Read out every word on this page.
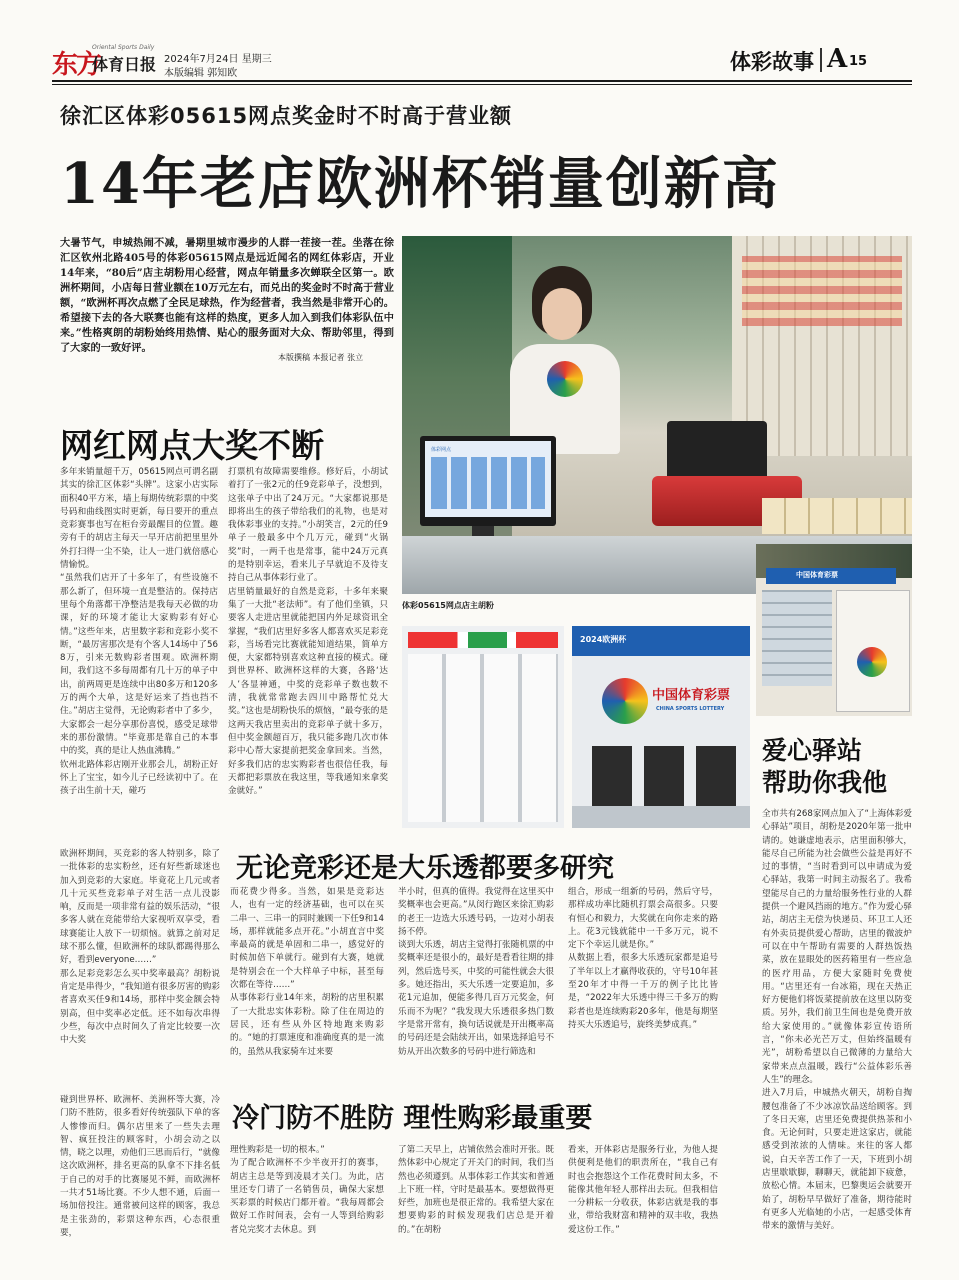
东方
Oriental Sports Daily
体育日报 2024年7月24日 星期三
本版编辑 郭知欧	体彩故事 A 15
徐汇区体彩05615网点奖金时不时高于营业额
14年老店欧洲杯销量创新高
大暑节气，申城热闹不减，暑期里城市漫步的人群一茬接一茬。坐落在徐汇区钦州北路405号的体彩05615网点是远近闻名的网红体彩店，开业14年来，“80后”店主胡粉用心经营，网点年销量多次蝉联全区第一。欧洲杯期间，小店每日营业额在10万元左右，而兑出的奖金时不时高于营业额，“欧洲杯再次点燃了全民足球热，作为经营者，我当然是非常开心的。希望接下去的各大联赛也能有这样的热度，更多人加入到我们体彩队伍中来。”性格爽朗的胡粉始终用热情、贴心的服务面对大众、帮助邻里，得到了大家的一致好评。
本版撰稿 本报记者 张立
体彩网点
体彩05615网点店主胡粉
中国体育彩票
2024欧洲杯
中国体育彩票
CHINA SPORTS LOTTERY
网红网点大奖不断
多年来销量超千万，05615网点可谓名副其实的徐汇区体彩“头牌”。这家小店实际面积40平方米，墙上每期传统彩票的中奖号码和曲线图实时更新，每日要开的重点竞彩赛事也写在柜台旁最醒目的位置。趣旁有千的胡店主每天一早开店前把里里外外打扫得一尘不染，让人一进门就倍感心情愉悦。
“虽然我们店开了十多年了，有些设施不那么新了，但环境一直是整洁的。保持店里每个角落都干净整洁是我每天必做的功课，好的环境才能让大家购彩有好心情。”这些年来，店里数字彩和竞彩小奖不断，“最厉害那次是有个客人14场中了568万，引来无数购彩者围观。欧洲杯期间，我们这不多每周都有几十万的单子中出，前两周更是连续中出80多万和120多万的两个大单，这是好运来了挡也挡不住。”胡店主觉得，无论购彩者中了多少，大家都会一起分享那份喜悦，感受足球带来的那份激情。“毕竟那是靠自己的本事中的奖，真的是让人热血沸腾。”
钦州北路体彩店刚开业那会儿，胡粉正好怀上了宝宝，如今儿子已经读初中了。在孩子出生前十天，碰巧
打票机有故障需要维修。修好后，小胡试着打了一张2元的任9竞彩单子，没想到，这张单子中出了24万元。“大家都说那是即将出生的孩子带给我们的礼物，也是对我体彩事业的支持。”小胡笑言，2元的任9单子一般最多中个几万元，碰到“火锅奖”时，一两千也是常事，能中24万元真的是特别幸运，看来儿子早就迫不及待支持自己从事体彩行业了。
店里销量最好的自然是竞彩，十多年来聚集了一大批“老法师”。有了他们坐镇，只要客人走进店里就能把国内外足球资讯全掌握，“我们店里好多客人都喜欢买足彩竞彩，当场看完比赛就能知道结果，简单方便，大家都特别喜欢这种直接的模式。碰到世界杯、欧洲杯这样的大赛，各路‘达人’各显神通，中奖的竞彩单子数也数不清，我就常常跑去四川中路帮忙兑大奖。”这也是胡粉快乐的烦恼，“最夸张的是这两天我店里卖出的竞彩单子就十多万，但中奖金额超百万，我只能多跑几次市体彩中心帮大家提前把奖金拿回来。当然，好多我们店的忠实购彩者也很信任我，每天都把彩票放在我这里，等我通知来拿奖金就好。”
无论竞彩还是大乐透都要多研究
欧洲杯期间，买竞彩的客人特别多，除了一批体彩的忠实粉丝，还有好些新球迷也加入到竞彩的大家庭。毕竟花上几元或者几十元买些竞彩单子对生活一点儿没影响，反而是一项非常有益的娱乐活动，“很多客人就在竞能带给大家视听双享受，看球赛能让人放下一切烦恼。就算之前对足球不那么懂，但欧洲杯的球队都踢得那么好，看到everyone……”
那么足彩竞彩怎么买中奖率最高？胡粉说肯定是串得少，“我知道有很多厉害的购彩者喜欢买任9和14场，那样中奖金额会特别高，但中奖率必定低。还不如每次串得少些，每次中点时间久了肯定比较要一次中大奖
碰到世界杯、欧洲杯、美洲杯等大赛，冷门防不胜防，很多看好传统强队下单的客人惨惨而归。偶尔店里来了一些失去理智、疯狂投注的顾客时，小胡会动之以情，晓之以理，劝他们三思而后行，“就像这次欧洲杯，排名更高的队拿不下排名低于自己的对手的比赛屡见不鲜，而欧洲杯一共才51场比赛。不少人想不通，后面一场加倍投注。通常被问这样的顾客，我总是主张劲的，彩票这种东西，心态很重要，
而花费少得多。当然，如果是竞彩达人，也有一定的经济基础，也可以在买二串一、三串一的同时兼顾一下任9和14场，那样就能多点开花。”小胡直言中奖率最高的就是单固和二串一，感觉好的时候加倍下单就行。碰到有大赛，她就是特别会在一个大样单子中标，甚至每次都在等待……”
从事体彩行业14年来，胡粉的店里积累了一大批忠实体彩粉。除了住在周边的居民，还有些从外区特地跑来购彩的。“她的打票速度和准确度真的是一流的，虽然从我家骑车过来要
半小时，但真的值得。我觉得在这里买中奖概率也会更高。”从闵行跑区来徐汇购彩的老王一边选大乐透号码，一边对小胡表扬不停。
谈到大乐透，胡店主觉得打张随机票的中奖概率还是很小的，最好是看看往期的排列，然后选号买，中奖的可能性就会大很多。她还指出，买大乐透一定要追加，多花1元追加，便能多得几百万元奖金，何乐而不为呢？“我发现大乐透很多热门数字是常开常有，换句话说就是开出概率高的号码还是会陆续开出，如果选择追号不妨从开出次数多的号码中进行筛选和
组合，形成一组新的号码，然后守号，那样成功率比随机打票会高很多。只要有恒心和毅力，大奖就在向你走来的路上。花3元钱就能中一千多万元，说不定下个幸运儿就是你。”
从数据上看，很多大乐透玩家都是追号了半年以上才赢得收获的，守号10年甚至20年才中得一千万的例子比比皆是，“2022年大乐透中得三千多万的购彩者也是连续购彩20多年，他是每期坚持买大乐透追号，旋终美梦成真。”
冷门防不胜防 理性购彩最重要
理性购彩是一切的根本。”
为了配合欧洲杯不少半夜开打的赛事，胡店主总是等到凌晨才关门。为此，店里还专门请了一名销售员，确保大家想买彩票的时候店门都开着。“我每周都会做好工作时间表，会有一人等到给购彩者兑完奖才去休息。到
了第二天早上，店铺依然会准时开张。既然体彩中心规定了开关门的时间，我们当然也必须遵到。从事体彩工作其实和普通上下班一样，守时是最基本。要想做得更好些，加班也是很正常的。我希望大家在想要购彩的时候发现我们店总是开着的。”在胡粉
看来，开体彩店是服务行业，为他人提供便利是他们的职责所在，“我自己有时也会抱怨这个工作花费时间太多，不能像其他年轻人那样出去玩。但我相信一分耕耘一分收获，体彩店就是我的事业，带给我财富和精神的双丰收，我热爱这份工作。”
爱心驿站
帮助你我他
全市共有268家网点加入了“上海体彩爱心驿站”项目，胡粉是2020年第一批申请的。她谦虚地表示，店里面积够大，能尽自己所能为社会做些公益是再好不过的事情，“当时看到可以申请成为爱心驿站，我第一时间主动报名了。我希望能尽自己的力量给服务性行业的人群提供一个避风挡雨的地方。”作为爱心驿站，胡店主无偿为快递员、环卫工人还有外卖员提供爱心帮助，店里的微波炉可以在中午帮助有需要的人群热饭热菜，放在显眼处的医药箱里有一些应急的医疗用品，方便大家随时免费使用。“店里还有一台冰箱，现在天热正好方便他们将饭菜提前放在这里以防变质。另外，我们前卫生间也是免费开放给大家使用的。”就像体彩宣传语所言，“你未必光芒万丈，但始终温暖有光”，胡粉希望以自己微薄的力量给大家带来点点温暖，践行“公益体彩乐善人生”的理念。
进入7月后，申城热火朝天，胡粉自掏腰包准备了不少冰凉饮品送给顾客。到了冬日天寒，店里还免费提供热茶和小食。无论何时，只要走进这家店，就能感受到浓浓的人情味。来往的客人都说，白天辛苦工作了一天，下班到小胡店里歇歇脚，聊聊天，就能卸下疲惫，放松心情。本届末，巴黎奥运会就要开始了，胡粉早早做好了准备，期待能时有更多人光临她的小店，一起感受体育带来的激情与美好。
